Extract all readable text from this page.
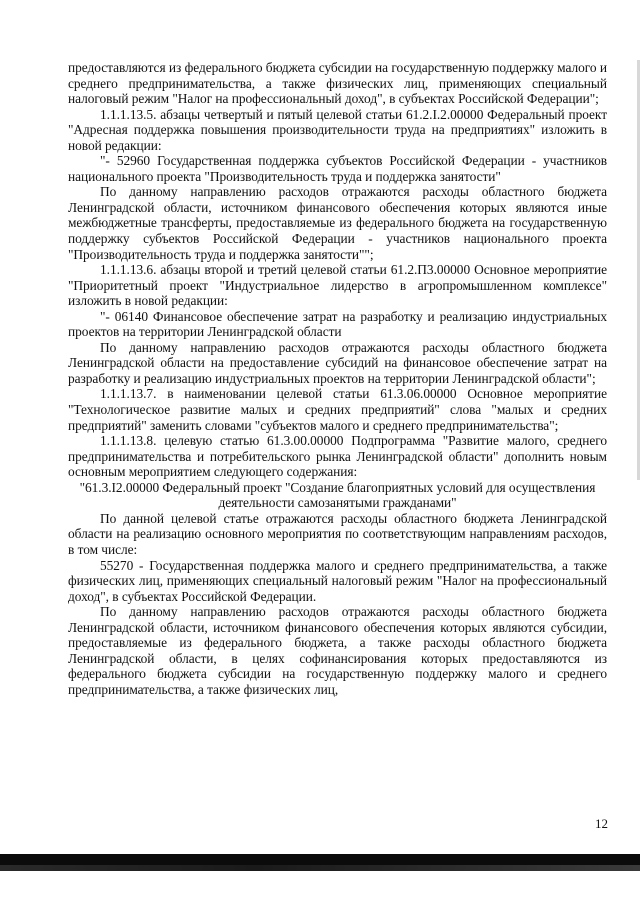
предоставляются из федерального бюджета субсидии на государственную поддержку малого и среднего предпринимательства, а также физических лиц, применяющих специальный налоговый режим "Налог на профессиональный доход", в субъектах Российской Федерации";

1.1.1.13.5. абзацы четвертый и пятый целевой статьи 61.2.I.2.00000 Федеральный проект "Адресная поддержка повышения производительности труда на предприятиях" изложить в новой редакции:

"- 52960 Государственная поддержка субъектов Российской Федерации - участников национального проекта "Производительность труда и поддержка занятости"

По данному направлению расходов отражаются расходы областного бюджета Ленинградской области, источником финансового обеспечения которых являются иные межбюджетные трансферты, предоставляемые из федерального бюджета на государственную поддержку субъектов Российской Федерации - участников национального проекта "Производительность труда и поддержка занятости"";

1.1.1.13.6. абзацы второй и третий целевой статьи 61.2.П3.00000 Основное мероприятие "Приоритетный проект "Индустриальное лидерство в агропромышленном комплексе" изложить в новой редакции:

"- 06140 Финансовое обеспечение затрат на разработку и реализацию индустриальных проектов на территории Ленинградской области

По данному направлению расходов отражаются расходы областного бюджета Ленинградской области на предоставление субсидий на финансовое обеспечение затрат на разработку и реализацию индустриальных проектов на территории Ленинградской области";

1.1.1.13.7. в наименовании целевой статьи 61.3.06.00000 Основное мероприятие "Технологическое развитие малых и средних предприятий" слова "малых и средних предприятий" заменить словами "субъектов малого и среднего предпринимательства";

1.1.1.13.8. целевую статью 61.3.00.00000 Подпрограмма "Развитие малого, среднего предпринимательства и потребительского рынка Ленинградской области" дополнить новым основным мероприятием следующего содержания:

"61.3.I2.00000 Федеральный проект "Создание благоприятных условий для осуществления деятельности самозанятыми гражданами"

По данной целевой статье отражаются расходы областного бюджета Ленинградской области на реализацию основного мероприятия по соответствующим направлениям расходов, в том числе:

55270 - Государственная поддержка малого и среднего предпринимательства, а также физических лиц, применяющих специальный налоговый режим "Налог на профессиональный доход", в субъектах Российской Федерации.

По данному направлению расходов отражаются расходы областного бюджета Ленинградской области, источником финансового обеспечения которых являются субсидии, предоставляемые из федерального бюджета, а также расходы областного бюджета Ленинградской области, в целях софинансирования которых предоставляются из федерального бюджета субсидии на государственную поддержку малого и среднего предпринимательства, а также физических лиц,

12
